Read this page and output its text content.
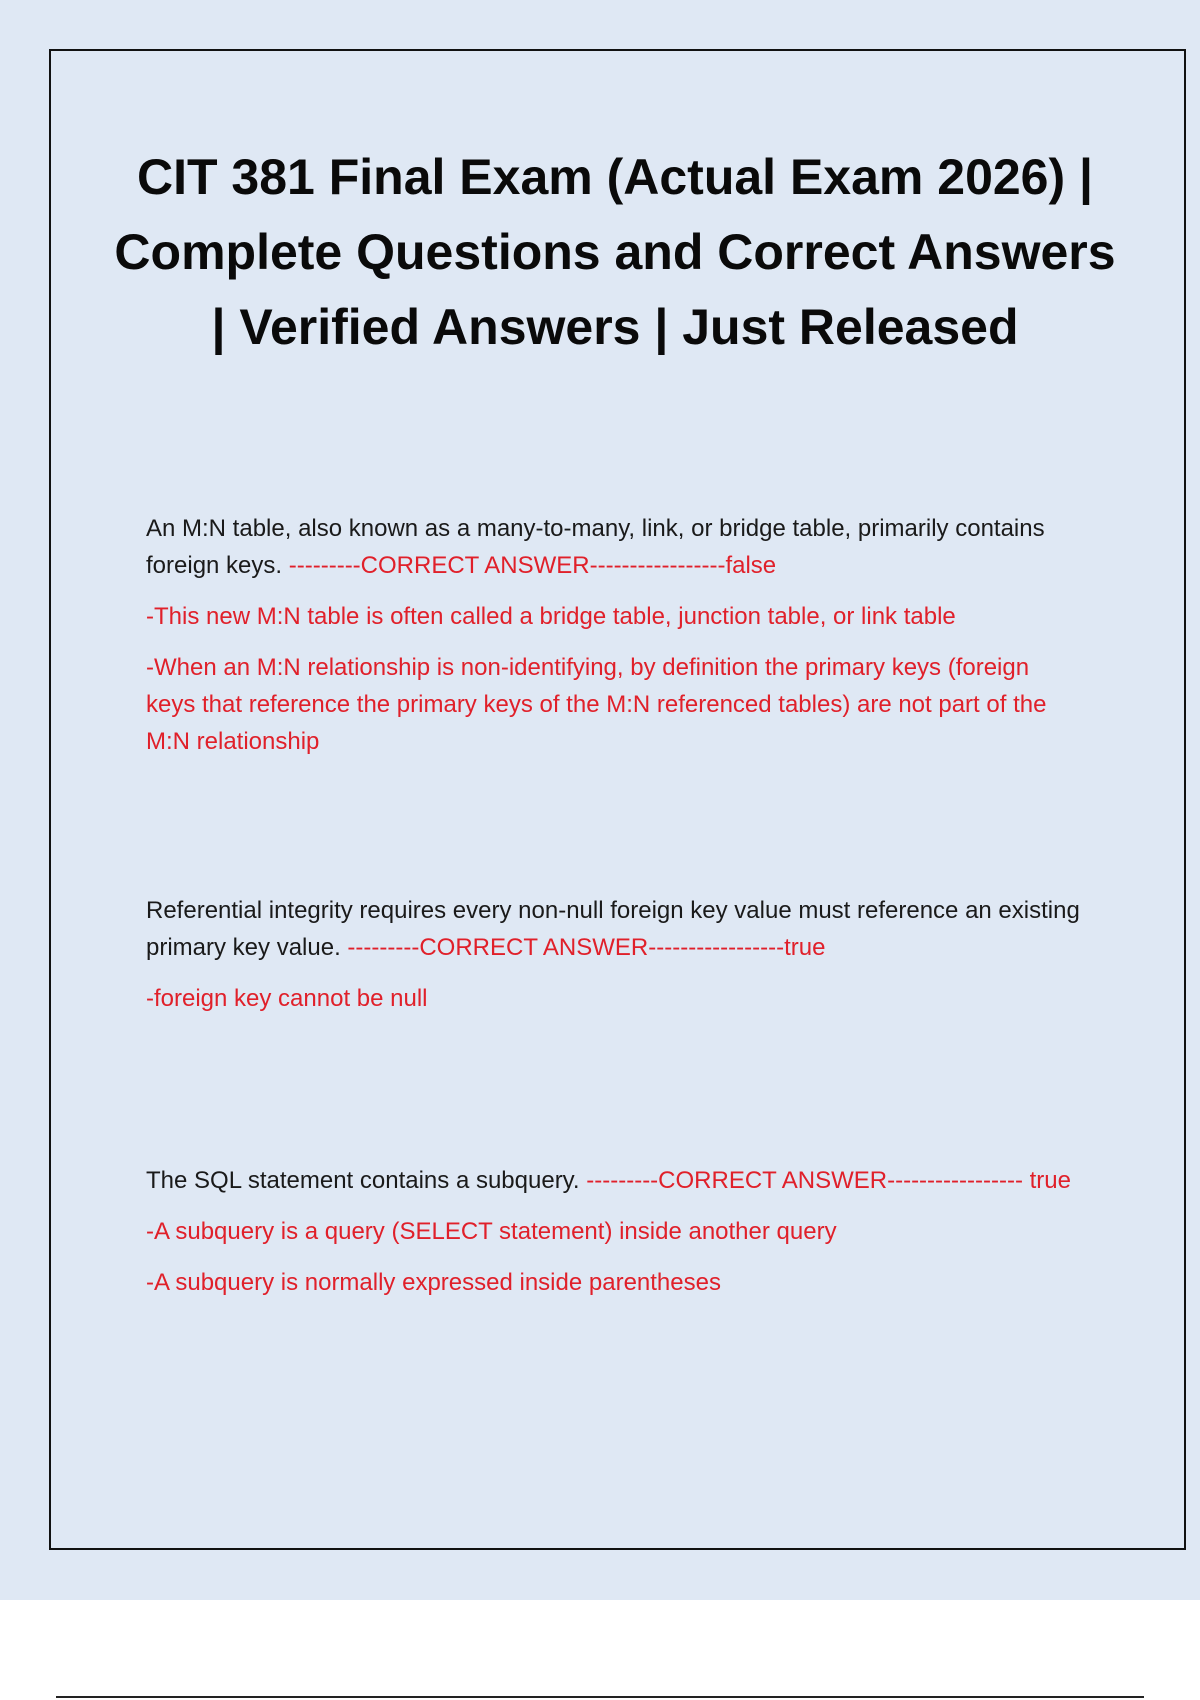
CIT 381 Final Exam (Actual Exam 2026) | Complete Questions and Correct Answers | Verified Answers | Just Released

An M:N table, also known as a many-to-many, link, or bridge table, primarily contains foreign keys. ---------CORRECT ANSWER-----------------false

-This new M:N table is often called a bridge table, junction table, or link table

-When an M:N relationship is non-identifying, by definition the primary keys (foreign keys that reference the primary keys of the M:N referenced tables) are not part of the M:N relationship

Referential integrity requires every non-null foreign key value must reference an existing primary key value. ---------CORRECT ANSWER-----------------true

-foreign key cannot be null

The SQL statement contains a subquery. ---------CORRECT ANSWER----------------- true

-A subquery is a query (SELECT statement) inside another query

-A subquery is normally expressed inside parentheses
